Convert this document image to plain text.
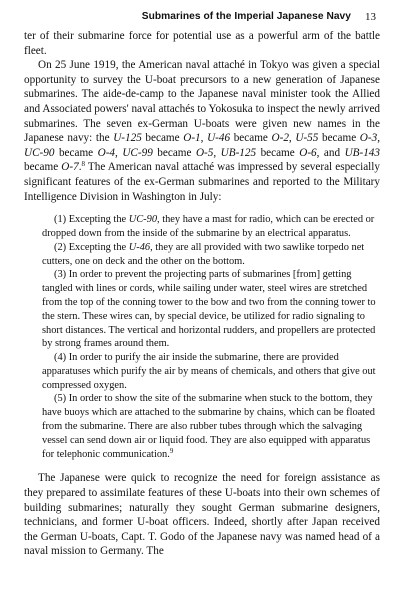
Submarines of the Imperial Japanese Navy 13

ter of their submarine force for potential use as a powerful arm of the battle fleet.

On 25 June 1919, the American naval attaché in Tokyo was given a special opportunity to survey the U-boat precursors to a new generation of Japanese submarines. The aide-de-camp to the Japanese naval minister took the Allied and Associated powers' naval attachés to Yokosuka to inspect the newly arrived submarines. The seven ex-German U-boats were given new names in the Japanese navy: the U-125 became O-1, U-46 became O-2, U-55 became O-3, UC-90 became O-4, UC-99 became O-5, UB-125 became O-6, and UB-143 became O-7.$^8$ The American naval attaché was impressed by several especially significant features of the ex-German submarines and reported to the Military Intelligence Division in Washington in July:

(1) Excepting the UC-90, they have a mast for radio, which can be erected or dropped down from the inside of the submarine by an electrical apparatus.

(2) Excepting the U-46, they are all provided with two sawlike torpedo net cutters, one on deck and the other on the bottom.

(3) In order to prevent the projecting parts of submarines [from] getting tangled with lines or cords, while sailing under water, steel wires are stretched from the top of the conning tower to the bow and two from the conning tower to the stern. These wires can, by special device, be utilized for radio signaling to short distances. The vertical and horizontal rudders, and propellers are protected by strong frames around them.

(4) In order to purify the air inside the submarine, there are provided apparatuses which purify the air by means of chemicals, and others that give out compressed oxygen.

(5) In order to show the site of the submarine when stuck to the bottom, they have buoys which are attached to the submarine by chains, which can be floated from the submarine. There are also rubber tubes through which the salvaging vessel can send down air or liquid food. They are also equipped with apparatus for telephonic communication.$^9$

The Japanese were quick to recognize the need for foreign assistance as they prepared to assimilate features of these U-boats into their own schemes of building submarines; naturally they sought German submarine designers, technicians, and former U-boat officers. Indeed, shortly after Japan received the German U-boats, Capt. T. Godo of the Japanese navy was named head of a naval mission to Germany. The
